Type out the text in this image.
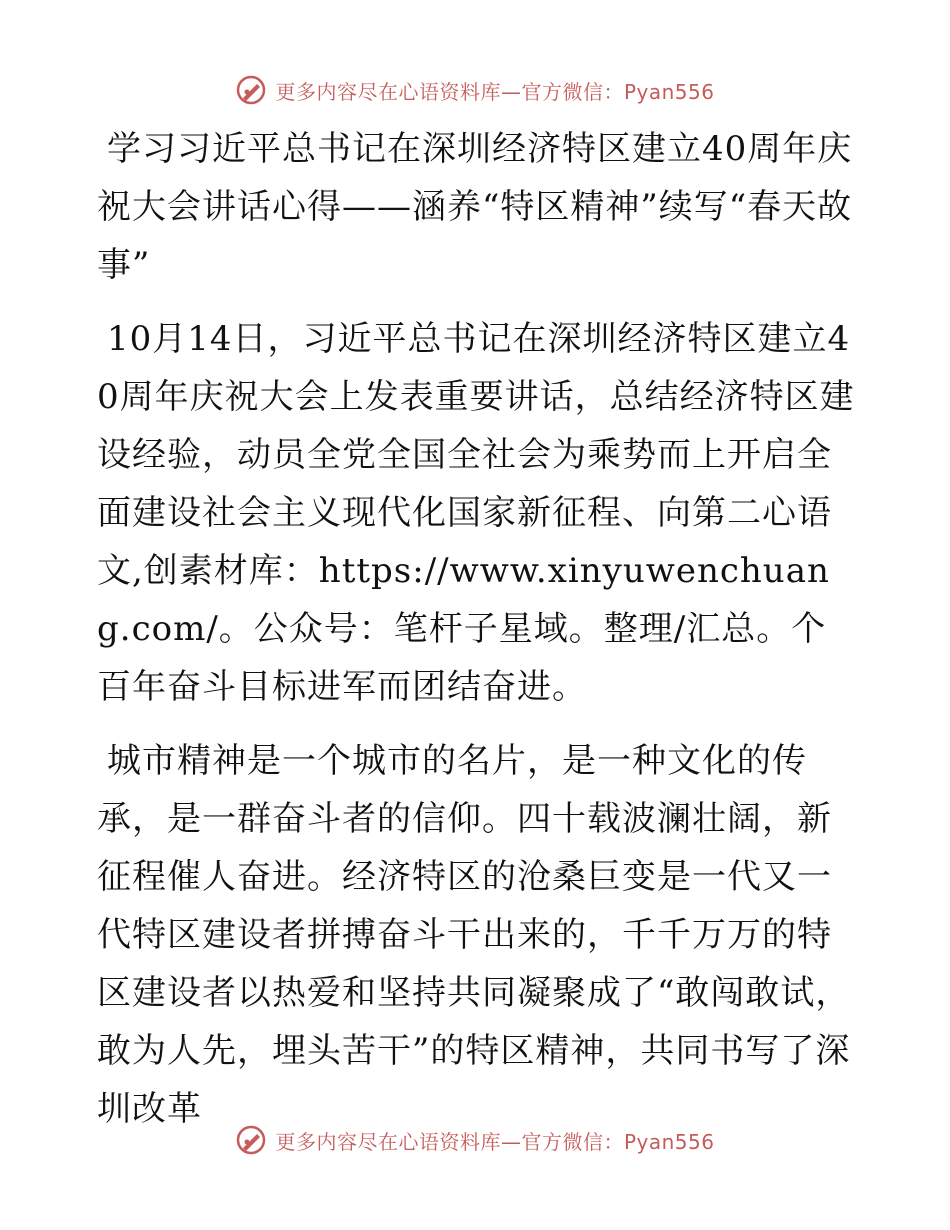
更多内容尽在心语资料库—官方微信：Pyan556

学习习近平总书记在深圳经济特区建立40周年庆祝大会讲话心得——涵养“特区精神”续写“春天故事”

10月14日，习近平总书记在深圳经济特区建立40周年庆祝大会上发表重要讲话，总结经济特区建设经验，动员全党全国全社会为乘势而上开启全面建设社会主义现代化国家新征程、向第二心语文,创素材库：https://www.xinyuwenchuang.com/。公众号：笔杆子星域。整理/汇总。个百年奋斗目标进军而团结奋进。

城市精神是一个城市的名片，是一种文化的传承，是一群奋斗者的信仰。四十载波澜壮阔，新征程催人奋进。经济特区的沧桑巨变是一代又一代特区建设者拼搏奋斗干出来的，千千万万的特区建设者以热爱和坚持共同凝聚成了“敢闯敢试，敢为人先，埋头苦干”的特区精神，共同书写了深圳改革

更多内容尽在心语资料库—官方微信：Pyan556
